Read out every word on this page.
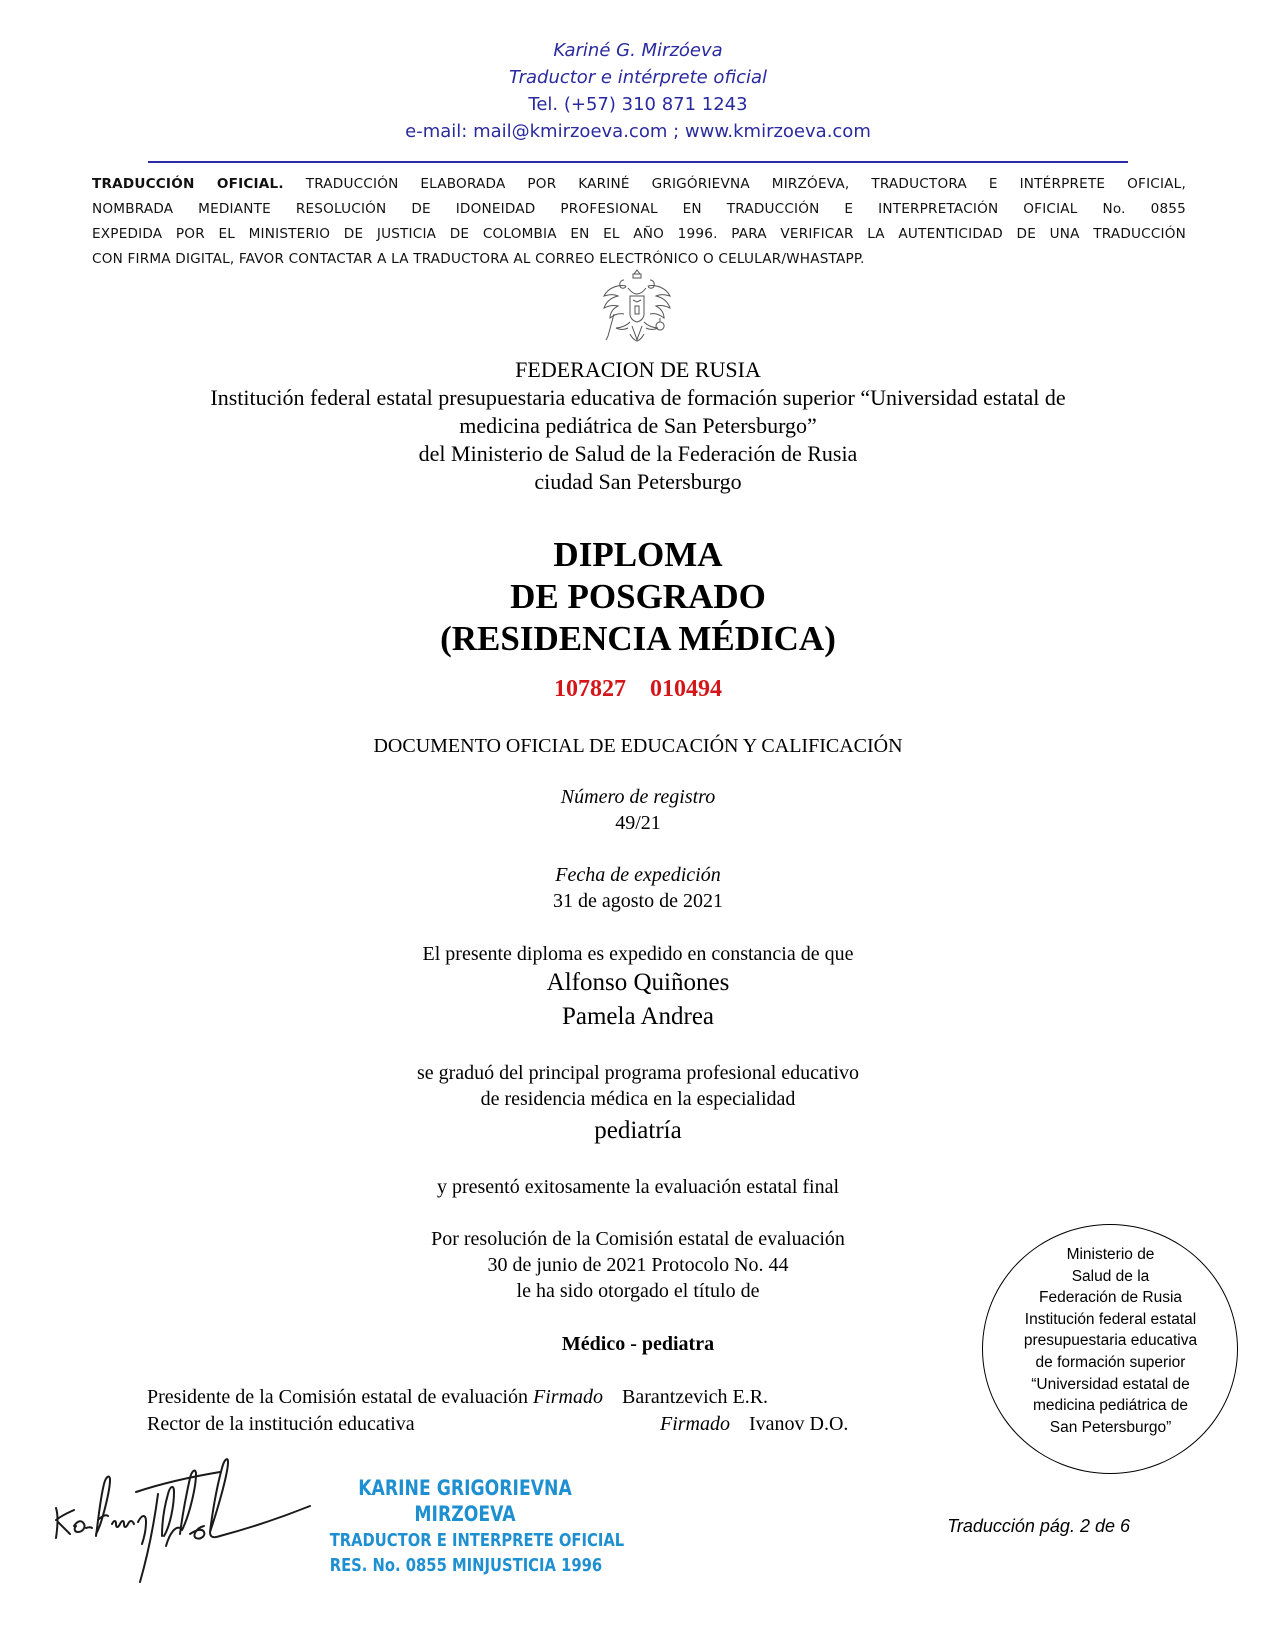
Kariné G. Mirzóeva
Traductor e intérprete oficial
Tel. (+57) 310 871 1243
e-mail: mail@kmirzoeva.com ; www.kmirzoeva.com
TRADUCCIÓN OFICIAL. TRADUCCIÓN ELABORADA POR KARINÉ GRIGÓRIEVNA MIRZÓEVA, TRADUCTORA E INTÉRPRETE OFICIAL,
NOMBRADA MEDIANTE RESOLUCIÓN DE IDONEIDAD PROFESIONAL EN TRADUCCIÓN E INTERPRETACIÓN OFICIAL No. 0855
EXPEDIDA POR EL MINISTERIO DE JUSTICIA DE COLOMBIA EN EL AÑO 1996. PARA VERIFICAR LA AUTENTICIDAD DE UNA TRADUCCIÓN
CON FIRMA DIGITAL, FAVOR CONTACTAR A LA TRADUCTORA AL CORREO ELECTRÓNICO O CELULAR/WHASTAPP.
FEDERACION DE RUSIA
Institución federal estatal presupuestaria educativa de formación superior “Universidad estatal de
medicina pediátrica de San Petersburgo”
del Ministerio de Salud de la Federación de Rusia
ciudad San Petersburgo
DIPLOMA
DE POSGRADO
(RESIDENCIA MÉDICA)
107827 010494
DOCUMENTO OFICIAL DE EDUCACIÓN Y CALIFICACIÓN
Número de registro
49/21
Fecha de expedición
31 de agosto de 2021
El presente diploma es expedido en constancia de que
Alfonso Quiñones
Pamela Andrea
se graduó del principal programa profesional educativo
de residencia médica en la especialidad
pediatría
y presentó exitosamente la evaluación estatal final
Por resolución de la Comisión estatal de evaluación
30 de junio de 2021 Protocolo No. 44
le ha sido otorgado el título de
Médico - pediatra
Presidente de la Comisión estatal de evaluación Firmado Barantzevich E.R.
Rector de la institución educativa	Firmado Ivanov D.O.
Ministerio de
Salud de la
Federación de Rusia
Institución federal estatal
presupuestaria educativa
de formación superior
“Universidad estatal de
medicina pediátrica de
San Petersburgo”
KARINE GRIGORIEVNA
MIRZOEVA
TRADUCTOR E INTERPRETE OFICIAL
RES. No. 0855 MINJUSTICIA 1996
Traducción pág. 2 de 6
